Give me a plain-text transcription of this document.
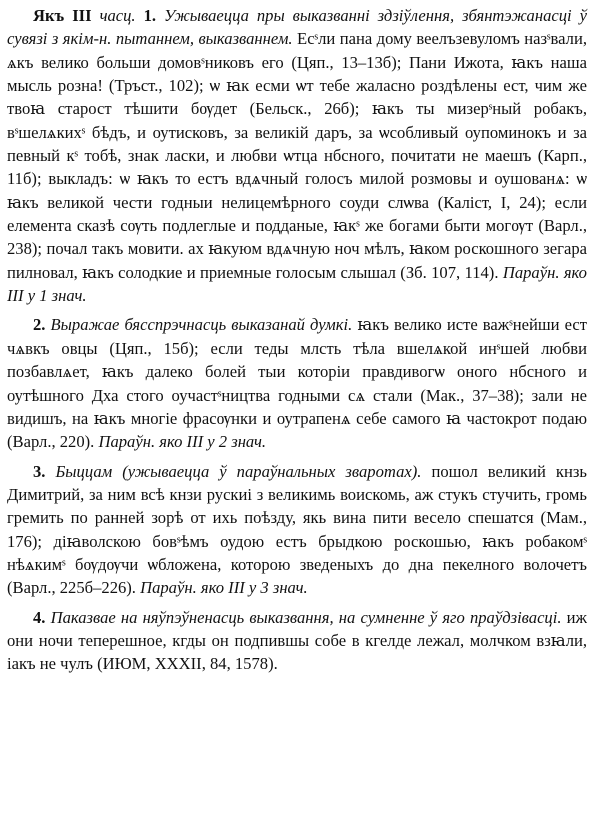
Якъ III часц. 1. Ужываецца пры выказванні здзіўлення, збянтэжанасці ў сувязі з якім-н. пытаннем, выказваннем. Есˢли пана дому веелъзевуломъ назˢвали, ѧкъ велико больши домовˢниковъ его (Цяп., 13–13б); Пани Ижота, ꙗкъ наша мысль розна! (Тръст., 102); ѡ ꙗк есми ѡт тебе жаласно роздѣлены ест, чим же твоꙗ старост тѣшити бѹдет (Бельск., 26б); ꙗкъ ты мизерˢный робакъ, вˢшелѧкихˢ бѣдъ, и оутисковъ, за великій даръ, за ѡсобливый оупоминокъ и за певный кˢ тобѣ, знак ласки, и любви ѡтца нбсного, почитати не маешъ (Карп., 11б); выкладъ: ѡ ꙗкъ то естъ вдѧчный голосъ милой розмовы и оушованѧ: ѡ ꙗкъ великой чести годныи нелицемѣрного соуди слѡва (Каліст, I, 24); если елемента сказѣ сѹть подлеглые и подданые, ꙗкˢ же богами быти могѹт (Варл., 238); почал такъ мовити. ах ꙗкуюм вдѧчную ноч мѣлъ, ꙗком роскошного зегара пилновал, ꙗкъ солодкие и приемные голосым слышал (Зб. 107, 114). Параўн. яко III у 1 знач.

2. Выражае бясспрэчнасць выказанай думкі. ꙗкъ велико исте важˢнейши ест чѧвкъ овцы (Цяп., 15б); если теды млсть тѣла вшелѧкой инˢшей любви позбавлѧет, ꙗкъ далеко болей тыи которіи правдивогѡ оного нбсного и оутѣшного Дха стого оучастˢництва годными сѧ стали (Мак., 37–38); зали не видишъ, на ꙗкъ многіе фрасѹнки и оутрапенѧ себе самого ꙗ частокрот подаю (Варл., 220). Параўн. яко III у 2 знач.

3. Быццам (ужываецца ў параўнальных зваротах). пошол великий кнзь Димитрий, за ним всѣ кнзи рускиі з великимь воискомь, аж стукъ стучить, громь гремить по ранней зорѣ от ихь поѣзду, якь вина пити весело спешатся (Мам., 176); діꙗволскою бовˢѣмъ оудою естъ брыдкою роскошью, ꙗкъ робакомˢ нѣѧкимˢ бѹдѹчи ѡбложена, которою зведеныхъ до дна пекелного волочетъ (Варл., 225б–226). Параўн. яко III у 3 знач.

4. Паказвае на няўпэўненасць выказвання, на сумненне ў яго праўдзівасці. иж они ночи теперешное, кгды он подпившы собе в кгелде лежал, молчком взꙗли, іакъ не чулъ (ИЮМ, XXXII, 84, 1578).
